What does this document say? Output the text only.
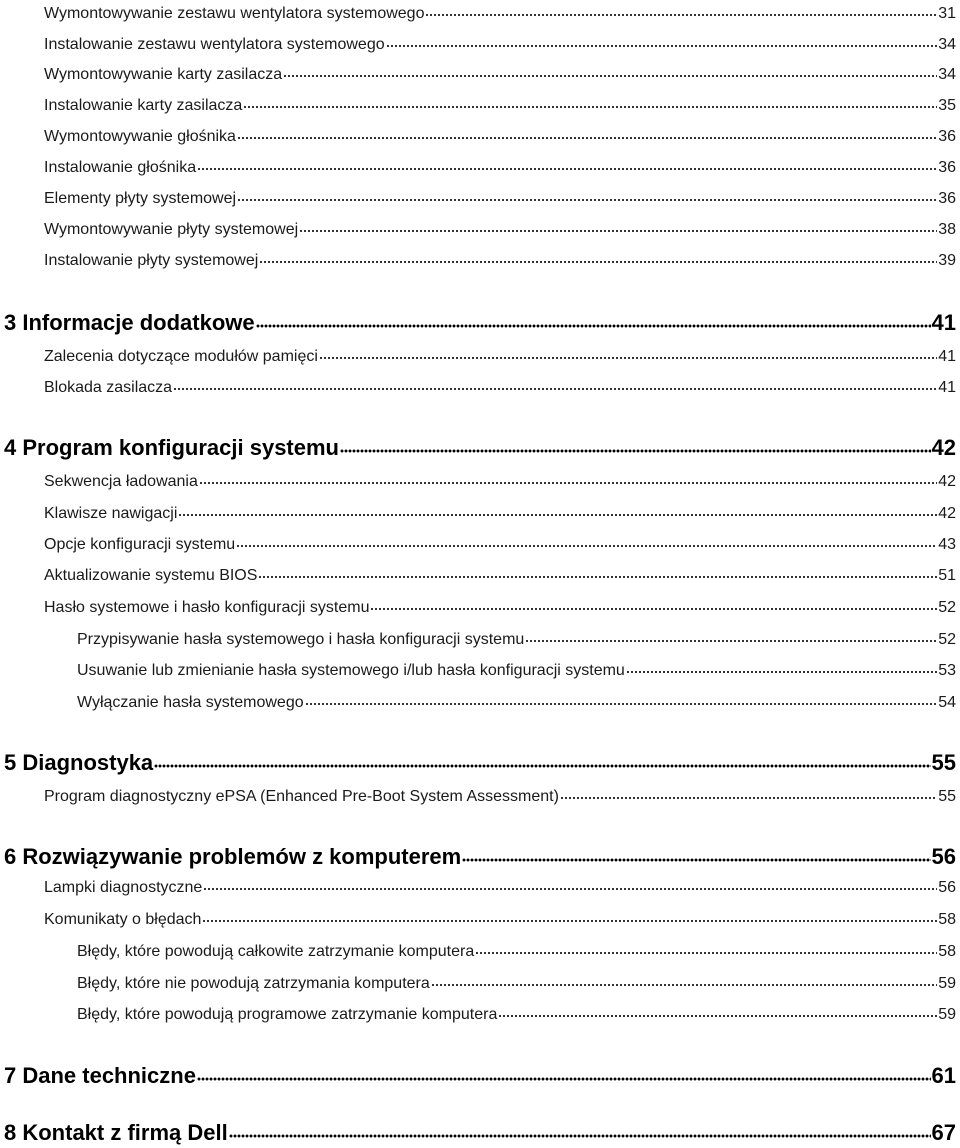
Wymontowywanie zestawu wentylatora systemowego	31
Instalowanie zestawu wentylatora systemowego	34
Wymontowywanie karty zasilacza	34
Instalowanie karty zasilacza	35
Wymontowywanie głośnika	36
Instalowanie głośnika	36
Elementy płyty systemowej	36
Wymontowywanie płyty systemowej	38
Instalowanie płyty systemowej	39
3 Informacje dodatkowe	41
Zalecenia dotyczące modułów pamięci	41
Blokada zasilacza	41
4 Program konfiguracji systemu	42
Sekwencja ładowania	42
Klawisze nawigacji	42
Opcje konfiguracji systemu	43
Aktualizowanie systemu BIOS	51
Hasło systemowe i hasło konfiguracji systemu	52
Przypisywanie hasła systemowego i hasła konfiguracji systemu	52
Usuwanie lub zmienianie hasła systemowego i/lub hasła konfiguracji systemu	53
Wyłączanie hasła systemowego	54
5 Diagnostyka	55
Program diagnostyczny ePSA (Enhanced Pre-Boot System Assessment)	55
6 Rozwiązywanie problemów z komputerem	56
Lampki diagnostyczne	56
Komunikaty o błędach	58
Błędy, które powodują całkowite zatrzymanie komputera	58
Błędy, które nie powodują zatrzymania komputera	59
Błędy, które powodują programowe zatrzymanie komputera	59
7 Dane techniczne	61
8 Kontakt z firmą Dell	67
